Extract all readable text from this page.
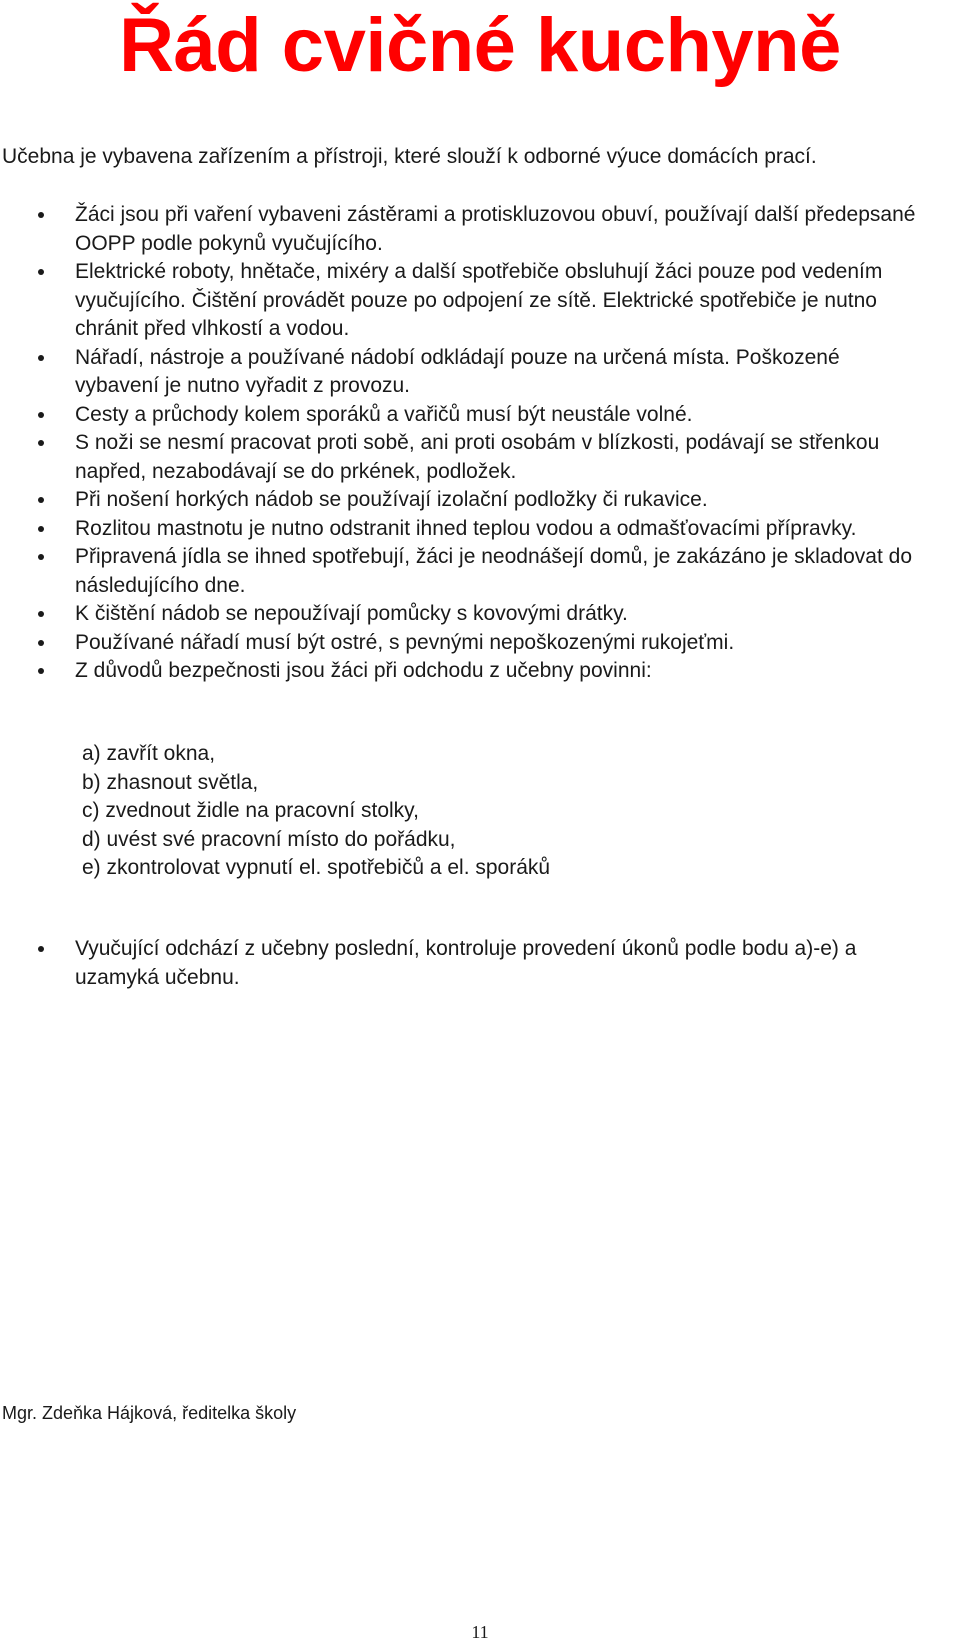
Řád cvičné kuchyně

Učebna je vybavena zařízením a přístroji, které slouží k odborné výuce domácích prací.

Žáci jsou při vaření vybaveni zástěrami a protiskluzovou obuví, používají další předepsané OOPP podle pokynů vyučujícího.
Elektrické roboty, hnětače, mixéry a další spotřebiče obsluhují žáci pouze pod vedením vyučujícího. Čištění provádět pouze po odpojení ze sítě. Elektrické spotřebiče je nutno chránit před vlhkostí a vodou.
Nářadí, nástroje a používané nádobí odkládají pouze na určená místa. Poškozené vybavení je nutno vyřadit z provozu.
Cesty a průchody kolem sporáků a vařičů musí být neustále volné.
S noži se nesmí pracovat proti sobě, ani proti osobám v blízkosti, podávají se střenkou napřed, nezabodávají se do prkének, podložek.
Při nošení horkých nádob se používají izolační podložky či rukavice.
Rozlitou mastnotu je nutno odstranit ihned teplou vodou a odmašťovacími přípravky.
Připravená jídla se ihned spotřebují, žáci je neodnášejí domů, je zakázáno je skladovat do následujícího dne.
K čištění nádob se nepoužívají pomůcky s kovovými drátky.
Používané nářadí musí být ostré, s pevnými nepoškozenými rukojeťmi.
Z důvodů bezpečnosti jsou žáci při odchodu z učebny povinni:
a) zavřít okna,
b) zhasnout světla,
c) zvednout židle na pracovní stolky,
d) uvést své pracovní místo do pořádku,
e) zkontrolovat vypnutí el. spotřebičů a el. sporáků
Vyučující odchází z učebny poslední, kontroluje provedení úkonů podle bodu a)-e) a uzamyká učebnu.

Mgr. Zdeňka Hájková, ředitelka školy

11
